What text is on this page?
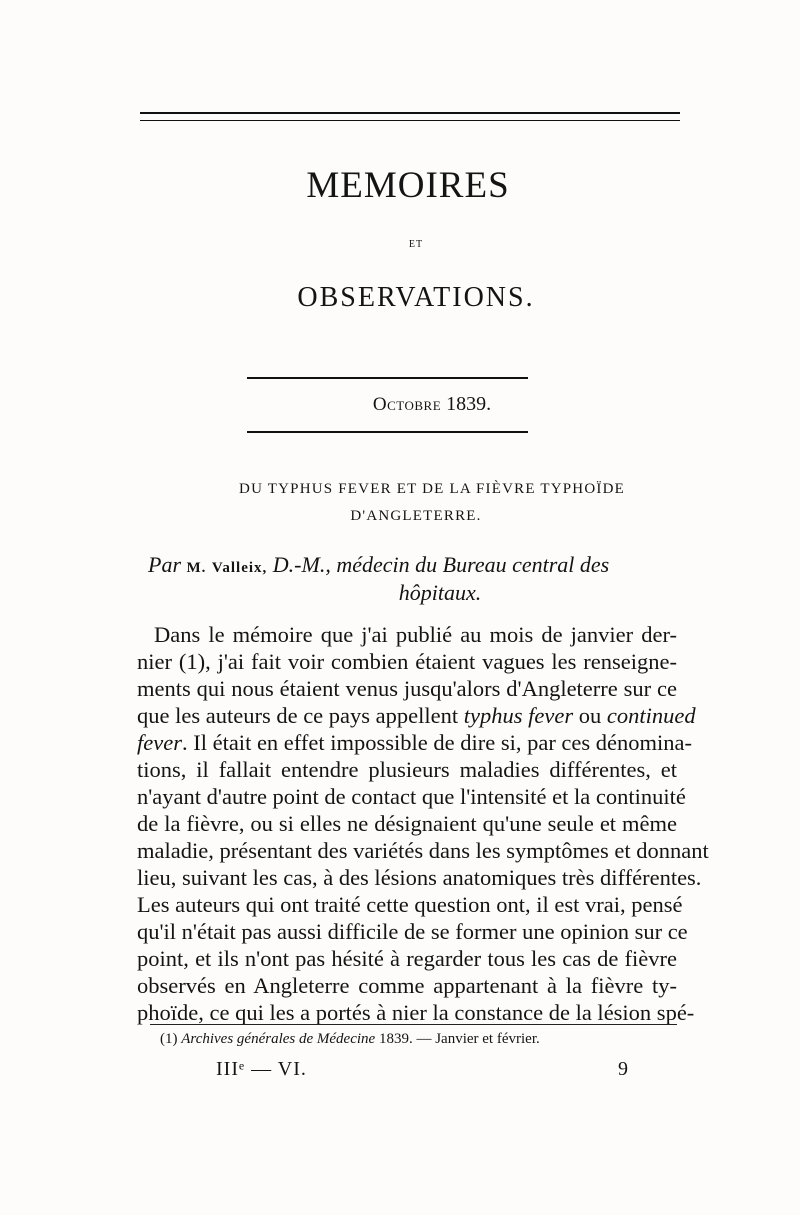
MEMOIRES
ET
OBSERVATIONS.
Octobre 1839.
DU TYPHUS FEVER ET DE LA FIÈVRE TYPHOÏDE
D'ANGLETERRE.
Par M. Valleix, D.-M., médecin du Bureau central des
hôpitaux.
Dans le mémoire que j'ai publié au mois de janvier der-
nier (1), j'ai fait voir combien étaient vagues les renseigne-
ments qui nous étaient venus jusqu'alors d'Angleterre sur ce
que les auteurs de ce pays appellent typhus fever ou continued
fever. Il était en effet impossible de dire si, par ces dénomina-
tions, il fallait entendre plusieurs maladies différentes, et
n'ayant d'autre point de contact que l'intensité et la continuité
de la fièvre, ou si elles ne désignaient qu'une seule et même
maladie, présentant des variétés dans les symptômes et donnant
lieu, suivant les cas, à des lésions anatomiques très différentes.
Les auteurs qui ont traité cette question ont, il est vrai, pensé
qu'il n'était pas aussi difficile de se former une opinion sur ce
point, et ils n'ont pas hésité à regarder tous les cas de fièvre
observés en Angleterre comme appartenant à la fièvre ty-
phoïde, ce qui les a portés à nier la constance de la lésion spé-
(1) Archives générales de Médecine 1839. — Janvier et février.
IIIᵉ — VI.	9
